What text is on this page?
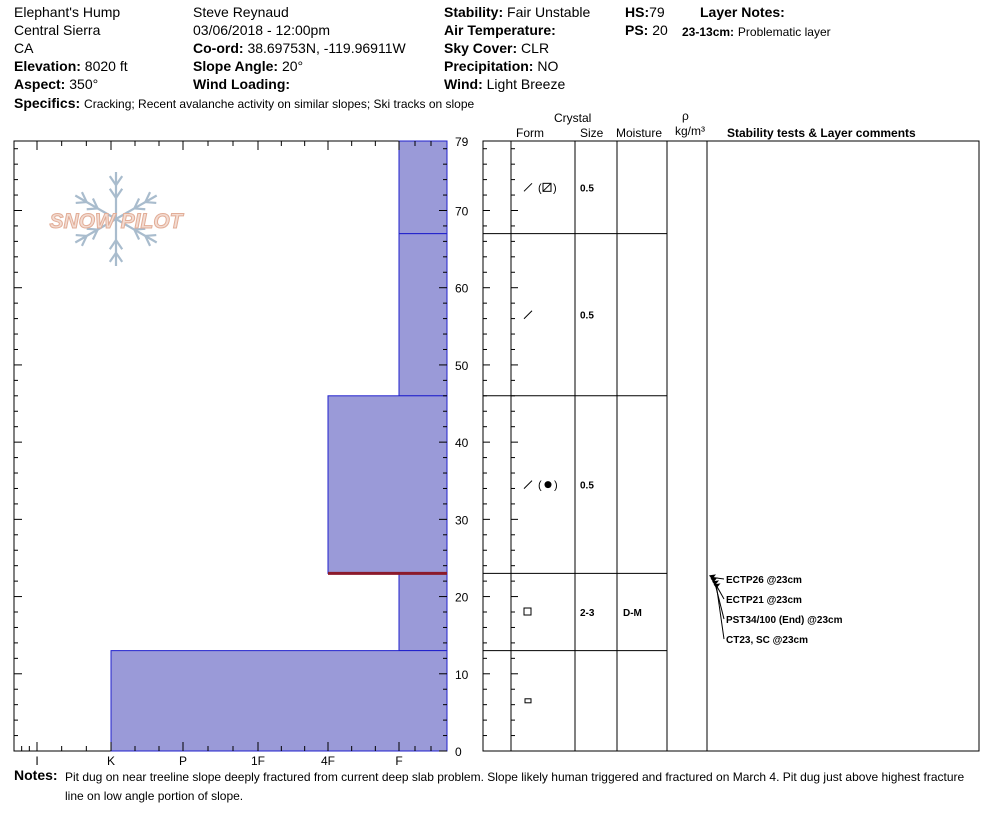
Elephant's Hump
Central Sierra
CA
Elevation: 8020 ft
Aspect: 350°
Specifics: Cracking; Recent avalanche activity on similar slopes; Ski tracks on slope
Steve Reynaud
03/06/2018 - 12:00pm
Co-ord: 38.69753N, -119.96911W
Slope Angle: 20°
Wind Loading:
Stability: Fair Unstable
Air Temperature:
Sky Cover: CLR
Precipitation: NO
Wind: Light Breeze
HS:79
PS: 20
Layer Notes:
23-13cm: Problematic layer
Crystal
Form	Size Moisture
ρ
kg/m³ Stability tests & Layer comments
SNOW PILOT
I	K	P	1F	4F	F
0
10
20
30
40
50
60
70
79
( ) 0.5
0.5
( ) 0.5
2-3	D-M
ECTP26 @23cm
ECTP21 @23cm
PST34/100 (End) @23cm
CT23, SC @23cm
Notes: Pit dug on near treeline slope deeply fractured from current deep slab problem. Slope likely human triggered and fractured on March 4. Pit dug just above highest fracture line on low angle portion of slope.
